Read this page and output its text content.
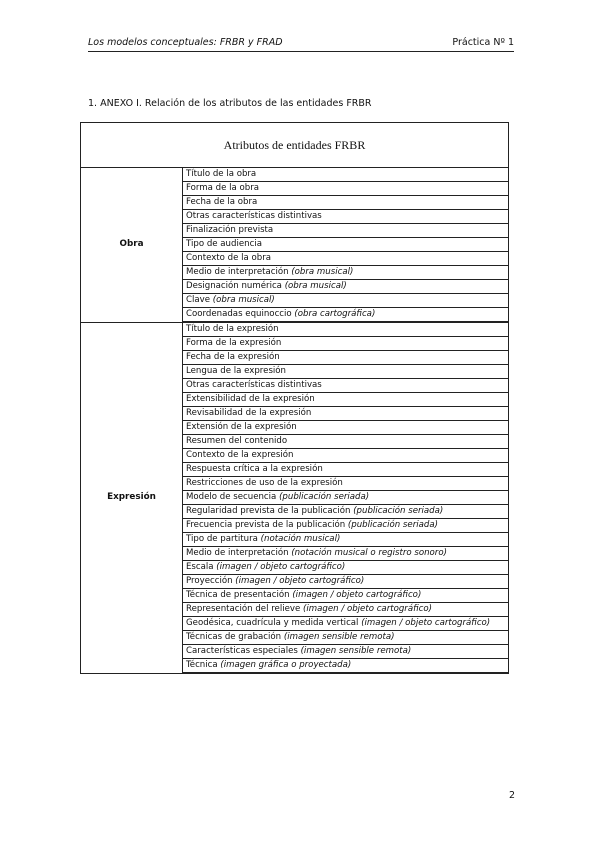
Los modelos conceptuales: FRBR y FRAD	Práctica Nº 1
1. ANEXO I. Relación de los atributos de las entidades FRBR
Atributos de entidades FRBR	
Obra	Título de la obra
	Forma de la obra
	Fecha de la obra
	Otras características distintivas
	Finalización prevista
	Tipo de audiencia
	Contexto de la obra
	Medio de interpretación (obra musical)
	Designación numérica (obra musical)
	Clave (obra musical)
	Coordenadas equinoccio (obra cartográfica)
Expresión	Título de la expresión
	Forma de la expresión
	Fecha de la expresión
	Lengua de la expresión
	Otras características distintivas
	Extensibilidad de la expresión
	Revisabilidad de la expresión
	Extensión de la expresión
	Resumen del contenido
	Contexto de la expresión
	Respuesta crítica a la expresión
	Restricciones de uso de la expresión
	Modelo de secuencia (publicación seriada)
	Regularidad prevista de la publicación (publicación seriada)
	Frecuencia prevista de la publicación (publicación seriada)
	Tipo de partitura (notación musical)
	Medio de interpretación (notación musical o registro sonoro)
	Escala (imagen / objeto cartográfico)
	Proyección (imagen / objeto cartográfico)
	Técnica de presentación (imagen / objeto cartográfico)
	Representación del relieve (imagen / objeto cartográfico)
	Geodésica, cuadrícula y medida vertical (imagen / objeto cartográfico)
	Técnicas de grabación (imagen sensible remota)
	Características especiales (imagen sensible remota)
	Técnica (imagen gráfica o proyectada)
2
